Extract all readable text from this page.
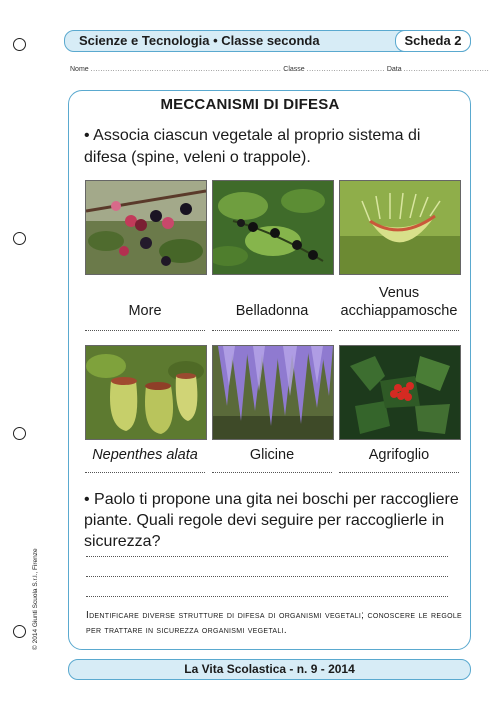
Scienze e Tecnologia • Classe seconda	Scheda 2
Nome .............................................................................. Classe ................................ Data ...................................
MECCANISMI DI DIFESA
• Associa ciascun vegetale al proprio sistema di difesa (spine, veleni o trappole).
More	Belladonna
Venus acchiappamosche
Nepenthes alata	Glicine	Agrifoglio
• Paolo ti propone una gita nei boschi per raccogliere piante. Quali regole devi seguire per raccoglierle in sicurezza?
Identificare diverse strutture di difesa di organismi vegetali; conoscere le regole per trattare in sicurezza organismi vegetali.
© 2014 Giunti Scuola S.r.l., Firenze
La Vita Scolastica - n. 9 - 2014
